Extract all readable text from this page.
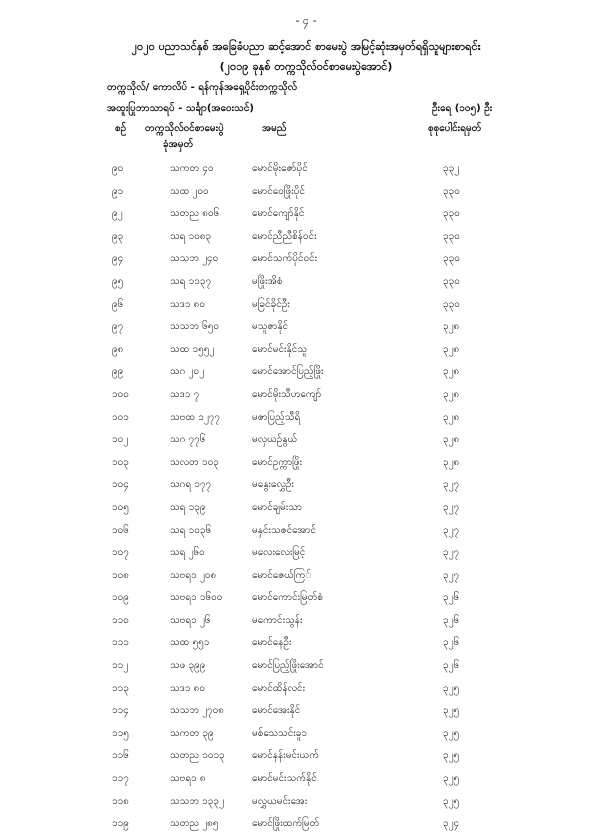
- ၄ -
၂၀၂၀ ပညာသင်နှစ် အခြေခံပညာ ဆင့်အောင် စာမေးပွဲ အမြင့်ဆုံးအမှတ်ရရှိသူများစာရင်း
(၂၀၁၉ ခုနှစ် တက္ကသိုလ်ဝင်စာမေးပွဲအောင်)
တက္ကသိုလ်/ ကောလိပ် - ရန်ကုန်အရှေ့ပိုင်းတက္ကသိုလ်
အထူးပြုဘာသာရပ် - သင်္ချာ(အဝေးသင်)	ဦးရေ (၁၀၅) ဦး
စဉ် တက္ကသိုလ်ဝင်စာမေးပွဲ
ခုံအမှတ်
အမည်	စုစုပေါင်းရမှတ်
၉၀	သကတ ၄၀	မောင်မိုးဇော်ပိုင်	၃၃၂
၉၁	သထ ၂၀၀	မောင်ဝေဖြိုးပိုင်	၃၃၀
၉၂	သတည ၈၀၆	မောင်ကျော်နိုင်	၃၃၀
၉၃	သရ ၁၀၈၃	မောင်ညီညီစိန်ဝင်း	၃၃၀
၉၄	သသဘ ၂၄၀	မောင်သက်ပိုင်ဝင်း	၃၃၀
၉၅	သရ ၁၁၃၇	မဖြိုးအိစံ	၃၃၀
၉၆	သဒ၁ ၈၀	မခြင်ခိုင်ဦး	၃၃၀
၉၇	သသဘ ၆၅၀	မသူဇာနိုင်	၃၂၈
၉၈	သထ ၁၅၅၂	မောင်မင်းနိုင်သူ	၃၂၈
၉၉	သဂ ၂၀၂	မောင်အောင်ပြည့်ဖြိုး	၃၂၈
၁၀၀	သဒ၁ ၇	မောင်မိုးသီဟကျော်	၃၂၈
၁၀၁	သဗထ ၁၂၇၇	မဇာပြည့်သီရိ	၃၂၈
၁၀၂	သဂ ၇၇၆	မလှယဉ်နွယ်	၃၂၈
၁၀၃	သလတ ၁၀၃	မောင်ဥက္ကာဖြိုး	၃၂၈
၁၀၄	သဂရ ၁၇၇	မနွေးလွှေဦး	၃၂၇
၁၀၅	သရ ၁၃၉	မောင်ချမ်းသာ	၃၂၇
၁၀၆	သရ ၁၀၃၆	မနှင်းသဇင်အောင်	၃၂၇
၁၀၇	သရ ၂၆၀	မလေးလေးမြင့်	၃၂၇
၁၀၈	သဗရ၁ ၂၀၈	မောင်ဇေယ်ကြ်	၃၂၇
၁၀၉	သဗရ၁ ၁၆၀၀	မောင်ကောင်းမြတ်စံ	၃၂၆
၁၁၀	သဗရ၁ ၂၆	မကောင်းသွန်း	၃၂၆
၁၁၁	သထ ၅၅၁	မောင်နေဦး	၃၂၆
၁၁၂	သဖ ၃၉၉	မောင်ပြည့်ဖြိုးအောင်	၃၂၆
၁၁၃	သဒ၁ ၈၀	မောင်ထိန်လင်း	၃၂၅
၁၁၄	သသဘ ၂၇၀၈	မောင်အေးနိုင်	၃၂၅
၁၁၅	သကတ ၃၉	မစ်သေသင်းခူ၁	၃၂၅
၁၁၆	သတည ၁၀၁၃	မောင်နန်းမင်းယက်	၃၂၅
၁၁၇	သဗရ၁ ၈	မောင်မင်းသက်နိုင်	၃၂၅
၁၁၈	သသဘ ၁၃၃၂	မလွှယမင်းအေး	၃၂၅
၁၁၉	သတည ၂၈၅	မောင်ဖြိုးထက်မြတ်	၃၂၄
